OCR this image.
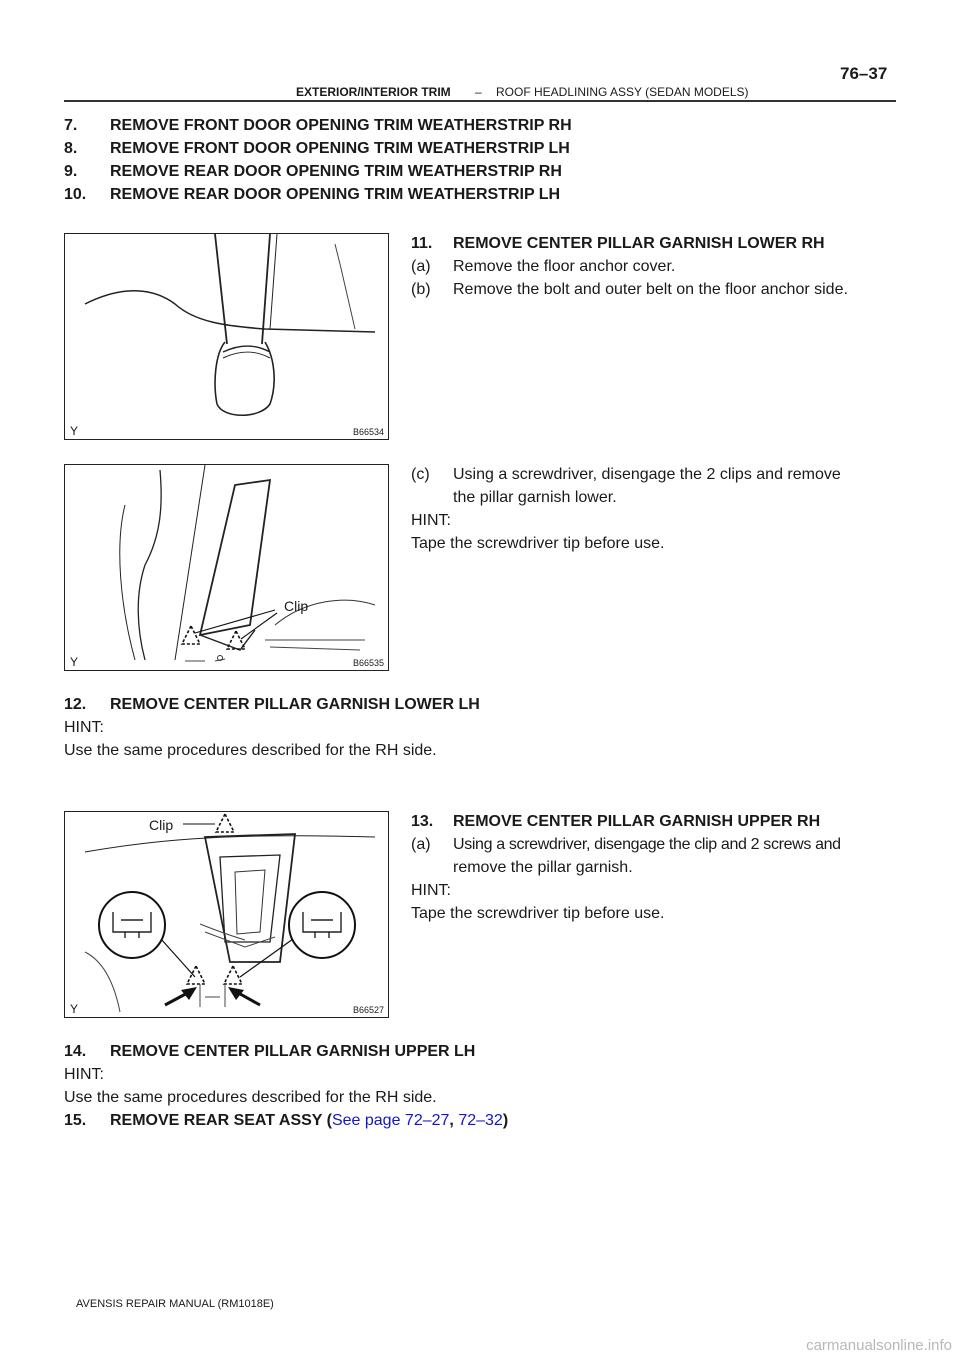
EXTERIOR/INTERIOR TRIM – ROOF HEADLINING ASSY (SEDAN MODELS)
76–37
7. REMOVE FRONT DOOR OPENING TRIM WEATHERSTRIP RH
8. REMOVE FRONT DOOR OPENING TRIM WEATHERSTRIP LH
9. REMOVE REAR DOOR OPENING TRIM WEATHERSTRIP RH
10. REMOVE REAR DOOR OPENING TRIM WEATHERSTRIP LH
Y	B66534
11. REMOVE CENTER PILLAR GARNISH LOWER RH
(a) Remove the floor anchor cover.
(b) Remove the bolt and outer belt on the floor anchor side.
Clip
Y	B66535
(c) Using a screwdriver, disengage the 2 clips and remove
the pillar garnish lower.
HINT:
Tape the screwdriver tip before use.
12. REMOVE CENTER PILLAR GARNISH LOWER LH
HINT:
Use the same procedures described for the RH side.
Clip
Y	B66527
13. REMOVE CENTER PILLAR GARNISH UPPER RH
(a) Using a screwdriver, disengage the clip and 2 screws and
remove the pillar garnish.
HINT:
Tape the screwdriver tip before use.
14. REMOVE CENTER PILLAR GARNISH UPPER LH
HINT:
Use the same procedures described for the RH side.
15. REMOVE REAR SEAT ASSY (See page 72–27, 72–32)
AVENSIS REPAIR MANUAL (RM1018E)
carmanualsonline.info
